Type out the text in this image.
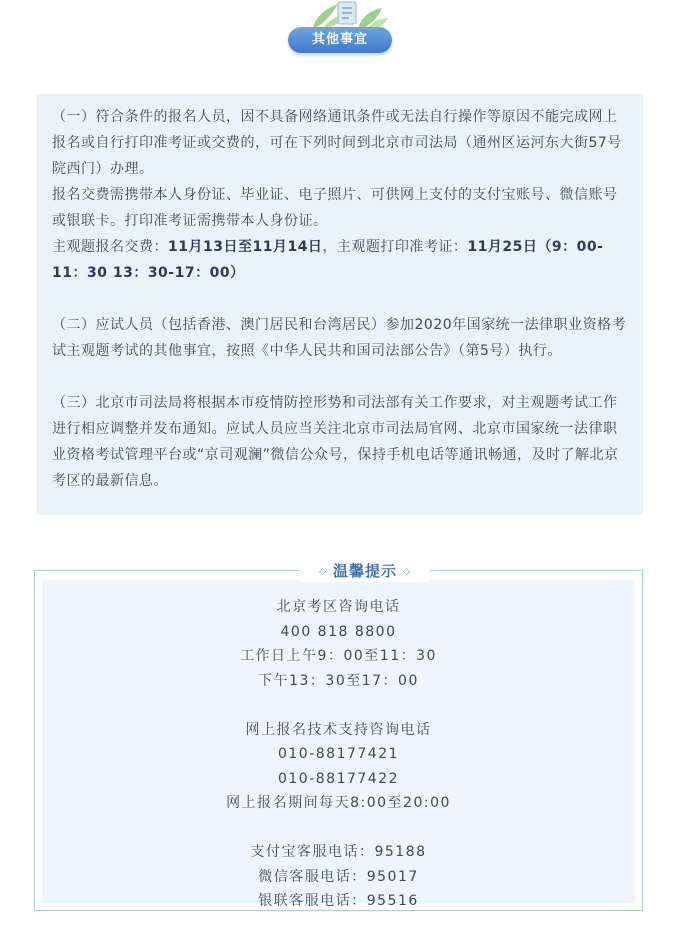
其他事宜

（一）符合条件的报名人员，因不具备网络通讯条件或无法自行操作等原因不能完成网上报名或自行打印准考证或交费的，可在下列时间到北京市司法局（通州区运河东大街57号院西门）办理。

报名交费需携带本人身份证、毕业证、电子照片、可供网上支付的支付宝账号、微信账号或银联卡。打印准考证需携带本人身份证。

主观题报名交费：11月13日至11月14日，主观题打印准考证：11月25日（9：00-11：30 13：30-17：00）

（二）应试人员（包括香港、澳门居民和台湾居民）参加2020年国家统一法律职业资格考试主观题考试的其他事宜，按照《中华人民共和国司法部公告》（第5号）执行。

（三）北京市司法局将根据本市疫情防控形势和司法部有关工作要求，对主观题考试工作进行相应调整并发布通知。应试人员应当关注北京市司法局官网、北京市国家统一法律职业资格考试管理平台或“京司观澜”微信公众号，保持手机电话等通讯畅通，及时了解北京考区的最新信息。

北京考区咨询电话
400 818 8800
工作日上午9：00至11：30
下午13：30至17：00
网上报名技术支持咨询电话
010-88177421
010-88177422
网上报名期间每天8:00至20:00
支付宝客服电话：95188
微信客服电话：95017
银联客服电话：95516
◇ 温馨提示 ◇
